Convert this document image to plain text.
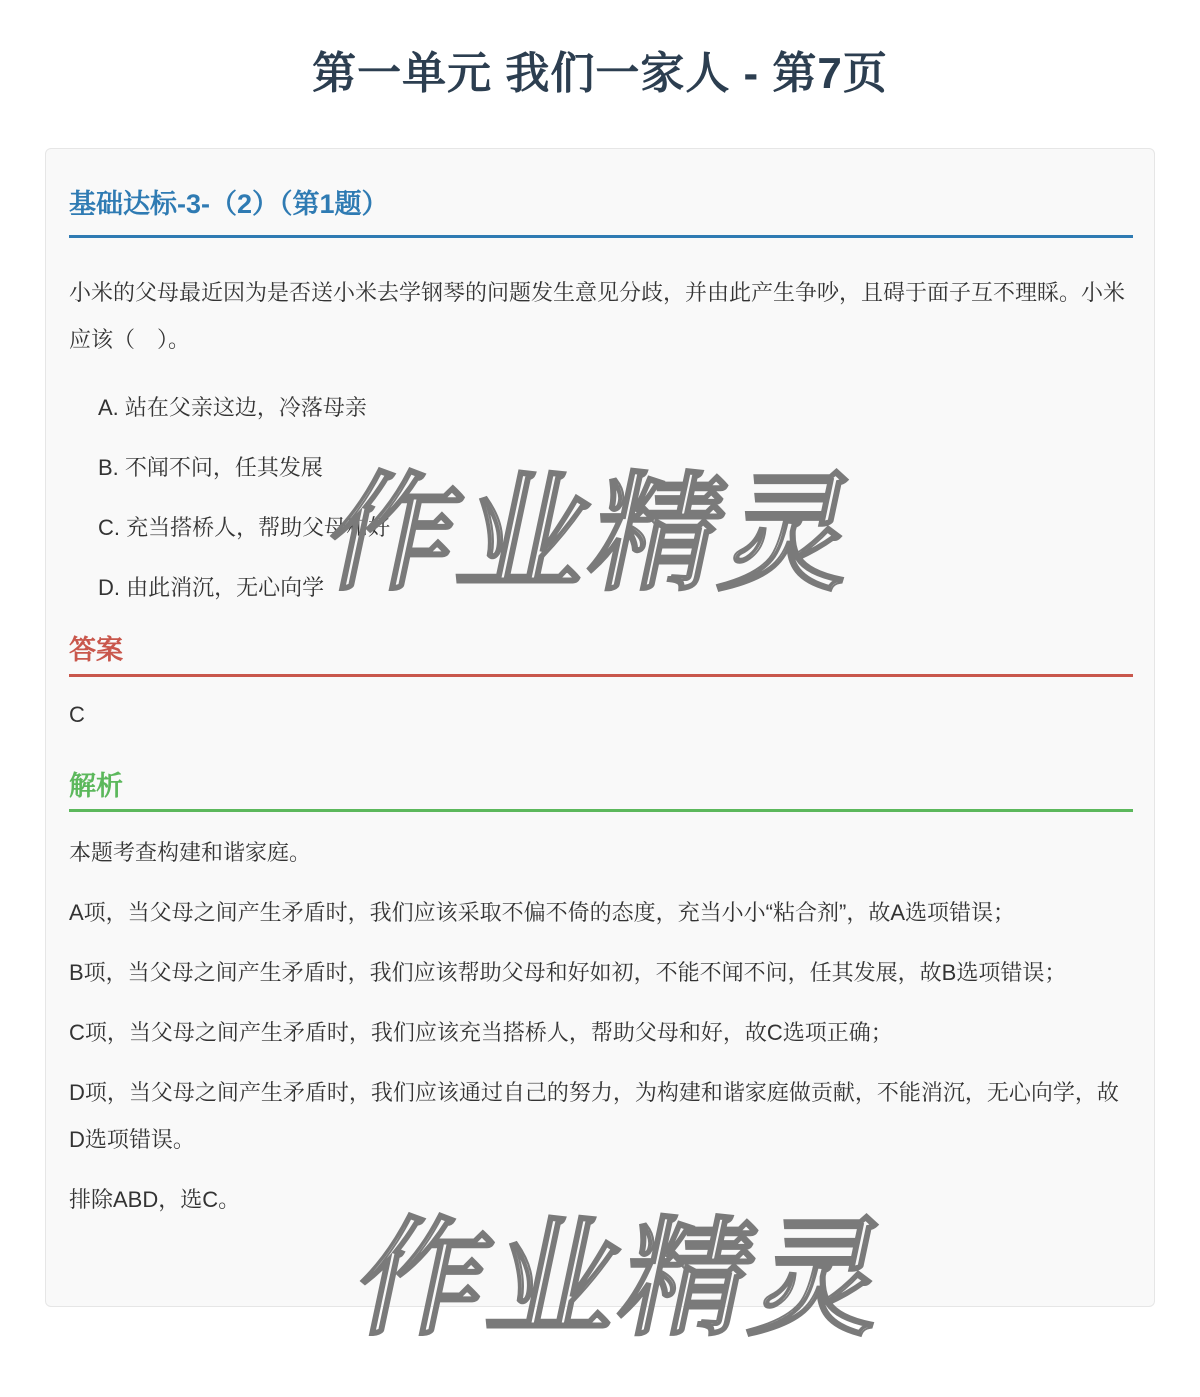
第一单元 我们一家人 - 第7页
基础达标-3-（2）（第1题）

小米的父母最近因为是否送小米去学钢琴的问题发生意见分歧，并由此产生争吵，且碍于面子互不理睬。小米应该（　）。

A. 站在父亲这边，冷落母亲
B. 不闻不问，任其发展
C. 充当搭桥人，帮助父母和好
D. 由此消沉，无心向学
答案

C

解析

本题考查构建和谐家庭。

A项，当父母之间产生矛盾时，我们应该采取不偏不倚的态度，充当小小“粘合剂”，故A选项错误；

B项，当父母之间产生矛盾时，我们应该帮助父母和好如初，不能不闻不问，任其发展，故B选项错误；

C项，当父母之间产生矛盾时，我们应该充当搭桥人，帮助父母和好，故C选项正确；

D项，当父母之间产生矛盾时，我们应该通过自己的努力，为构建和谐家庭做贡献，不能消沉，无心向学，故D选项错误。

排除ABD，选C。
